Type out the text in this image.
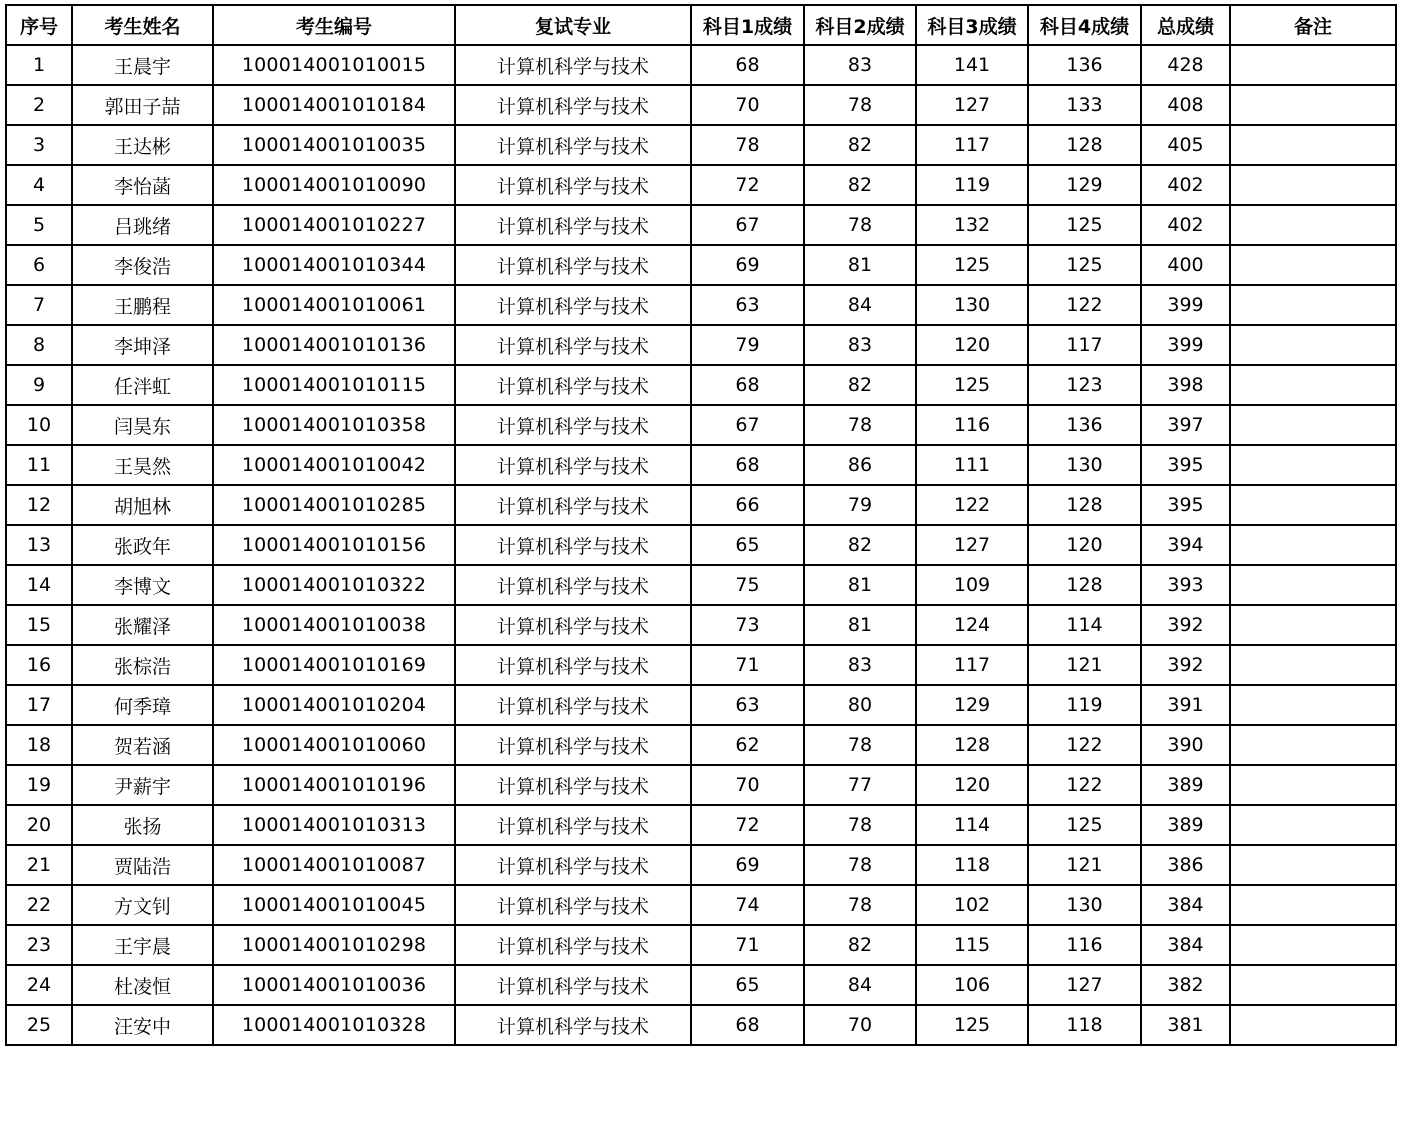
序号	考生姓名	考生编号	复试专业	科目1成绩	科目2成绩	科目3成绩	科目4成绩	总成绩	备注
1	王晨宇	100014001010015	计算机科学与技术	68	83	141	136	428	
2	郭田子喆	100014001010184	计算机科学与技术	70	78	127	133	408	
3	王达彬	100014001010035	计算机科学与技术	78	82	117	128	405	
4	李怡菡	100014001010090	计算机科学与技术	72	82	119	129	402	
5	吕珧绪	100014001010227	计算机科学与技术	67	78	132	125	402	
6	李俊浩	100014001010344	计算机科学与技术	69	81	125	125	400	
7	王鹏程	100014001010061	计算机科学与技术	63	84	130	122	399	
8	李坤泽	100014001010136	计算机科学与技术	79	83	120	117	399	
9	任泮虹	100014001010115	计算机科学与技术	68	82	125	123	398	
10	闫昊东	100014001010358	计算机科学与技术	67	78	116	136	397	
11	王昊然	100014001010042	计算机科学与技术	68	86	111	130	395	
12	胡旭林	100014001010285	计算机科学与技术	66	79	122	128	395	
13	张政年	100014001010156	计算机科学与技术	65	82	127	120	394	
14	李博文	100014001010322	计算机科学与技术	75	81	109	128	393	
15	张耀泽	100014001010038	计算机科学与技术	73	81	124	114	392	
16	张棕浩	100014001010169	计算机科学与技术	71	83	117	121	392	
17	何季璋	100014001010204	计算机科学与技术	63	80	129	119	391	
18	贺若涵	100014001010060	计算机科学与技术	62	78	128	122	390	
19	尹薪宇	100014001010196	计算机科学与技术	70	77	120	122	389	
20	张扬	100014001010313	计算机科学与技术	72	78	114	125	389	
21	贾陆浩	100014001010087	计算机科学与技术	69	78	118	121	386	
22	方文钊	100014001010045	计算机科学与技术	74	78	102	130	384	
23	王宇晨	100014001010298	计算机科学与技术	71	82	115	116	384	
24	杜凌恒	100014001010036	计算机科学与技术	65	84	106	127	382	
25	汪安中	100014001010328	计算机科学与技术	68	70	125	118	381	
